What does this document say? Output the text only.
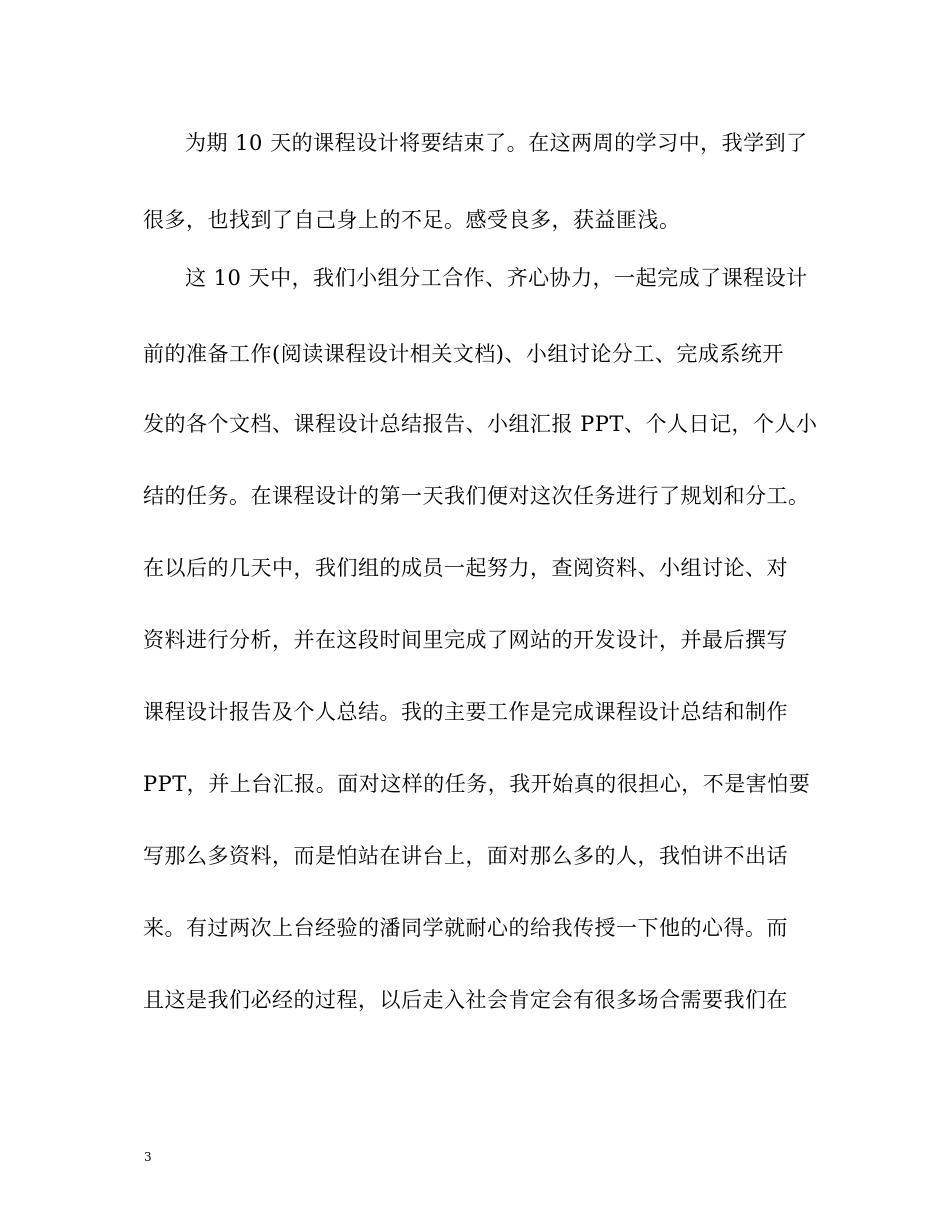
为期 10 天的课程设计将要结束了。在这两周的学习中，我学到了
很多，也找到了自己身上的不足。感受良多，获益匪浅。
这 10 天中，我们小组分工合作、齐心协力，一起完成了课程设计
前的准备工作(阅读课程设计相关文档)、小组讨论分工、完成系统开
发的各个文档、课程设计总结报告、小组汇报 PPT、个人日记，个人小
结的任务。在课程设计的第一天我们便对这次任务进行了规划和分工。
在以后的几天中，我们组的成员一起努力，查阅资料、小组讨论、对
资料进行分析，并在这段时间里完成了网站的开发设计，并最后撰写
课程设计报告及个人总结。我的主要工作是完成课程设计总结和制作
PPT，并上台汇报。面对这样的任务，我开始真的很担心，不是害怕要
写那么多资料，而是怕站在讲台上，面对那么多的人，我怕讲不出话
来。有过两次上台经验的潘同学就耐心的给我传授一下他的心得。而
且这是我们必经的过程，以后走入社会肯定会有很多场合需要我们在
3
